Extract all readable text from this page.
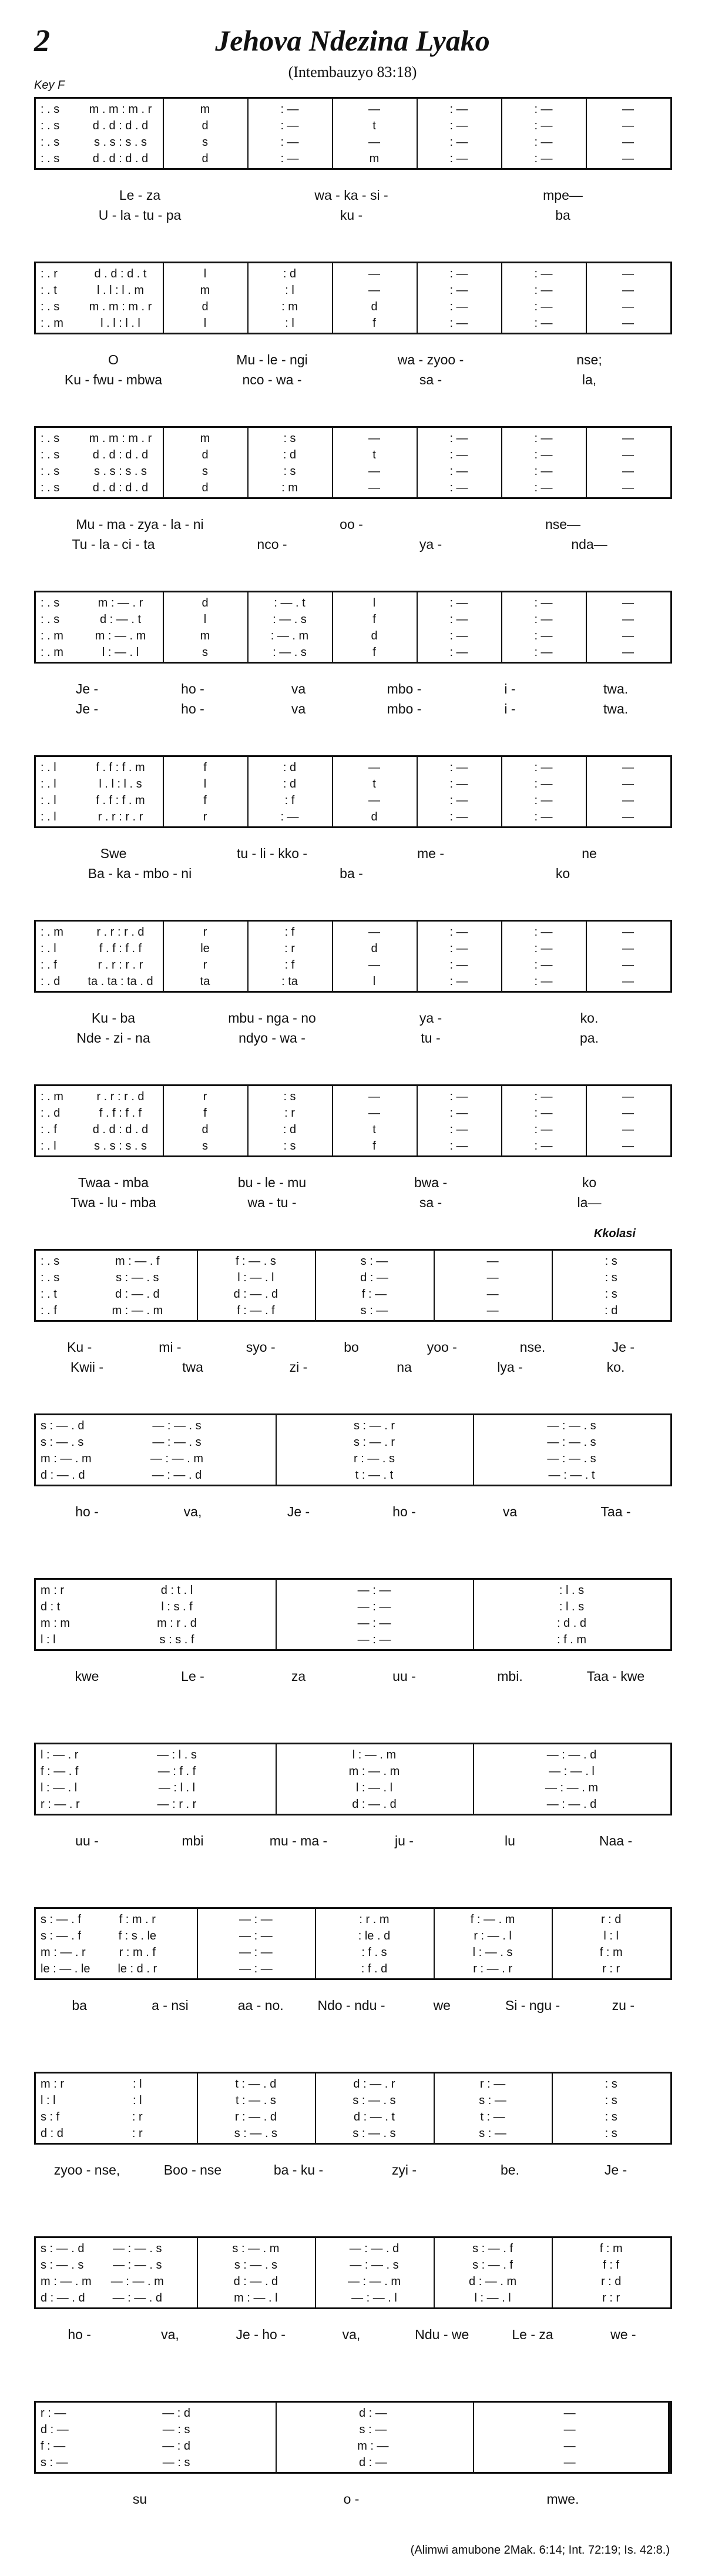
2	Jehova Ndezina Lyako
(Intembauzyo 83:18)
Key F
Kkolasi
(Alimwi amubone 2Mak. 6:14; Int. 72:19; Is. 42:8.)
: . s	m . m : m . r	m	: —	—	: —	: —	—
: . s	d . d : d . d	d	: —	t	: —	: —	—
: . s	s . s : s . s	s	: —	—	: —	: —	—
: . s	d . d : d . d	d	: —	m	: —	: —	—
Le - za	wa - ka - si -	mpe—
U - la - tu - pa	ku -	ba
: . r	d . d : d . t	l	: d	—	: —	: —	—
: . t	l . l : l . m	m	: l	—	: —	: —	—
: . s	m . m : m . r	d	: m	d	: —	: —	—
: . m	l . l : l . l	l	: l	f	: —	: —	—
O	Mu - le - ngi	wa - zyoo -	nse;
Ku - fwu - mbwa	nco - wa -	sa -	la,
: . s	m . m : m . r	m	: s	—	: —	: —	—
: . s	d . d : d . d	d	: d	t	: —	: —	—
: . s	s . s : s . s	s	: s	—	: —	: —	—
: . s	d . d : d . d	d	: m	—	: —	: —	—
Mu - ma - zya - la - ni	oo -	nse—
Tu - la - ci - ta	nco -	ya -	nda—
: . s	m : — . r	d	: — . t	l	: —	: —	—
: . s	d : — . t	l	: — . s	f	: —	: —	—
: . m	m : — . m	m	: — . m	d	: —	: —	—
: . m	l : — . l	s	: — . s	f	: —	: —	—
Je -	ho -	va	mbo -	i -	twa.
Je -	ho -	va	mbo -	i -	twa.
: . l	f . f : f . m	f	: d	—	: —	: —	—
: . l	l . l : l . s	l	: d	t	: —	: —	—
: . l	f . f : f . m	f	: f	—	: —	: —	—
: . l	r . r : r . r	r	: —	d	: —	: —	—
Swe	tu - li - kko -	me -	ne
Ba - ka - mbo - ni	ba -	ko
: . m	r . r : r . d	r	: f	—	: —	: —	—
: . l	f . f : f . f	le	: r	d	: —	: —	—
: . f	r . r : r . r	r	: f	—	: —	: —	—
: . d	ta . ta : ta . d	ta	: ta	l	: —	: —	—
Ku - ba	mbu - nga - no	ya -	ko.
Nde - zi - na	ndyo - wa -	tu -	pa.
: . m	r . r : r . d	r	: s	—	: —	: —	—
: . d	f . f : f . f	f	: r	—	: —	: —	—
: . f	d . d : d . d	d	: d	t	: —	: —	—
: . l	s . s : s . s	s	: s	f	: —	: —	—
Twaa - mba	bu - le - mu	bwa -	ko
Twa - lu - mba	wa - tu -	sa -	la—
: . s	m : — . f	f : — . s	s : —	—	: s
: . s	s : — . s	l : — . l	d : —	—	: s
: . t	d : — . d	d : — . d	f : —	—	: s
: . f	m : — . m	f : — . f	s : —	—	: d
Ku -	mi -	syo -	bo	yoo -	nse.	Je -
Kwii -	twa	zi -	na	lya -	ko.
s : — . d	— : — . s	s : — . r	— : — . s
s : — . s	— : — . s	s : — . r	— : — . s
m : — . m	— : — . m	r : — . s	— : — . s
d : — . d	— : — . d	t : — . t	— : — . t
ho -	va,	Je -	ho -	va	Taa -
m : r	d : t . l	— : —	: l . s
d : t	l : s . f	— : —	: l . s
m : m	m : r . d	— : —	: d . d
l : l	s : s . f	— : —	: f . m
kwe	Le -	za	uu -	mbi.	Taa - kwe
l : — . r	— : l . s	l : — . m	— : — . d
f : — . f	— : f . f	m : — . m	— : — . l
l : — . l	— : l . l	l : — . l	— : — . m
r : — . r	— : r . r	d : — . d	— : — . d
uu -	mbi	mu - ma -	ju -	lu	Naa -
s : — . f	f : m . r	— : —	: r . m	f : — . m	r : d
s : — . f	f : s . le	— : —	: le . d	r : — . l	l : l
m : — . r	r : m . f	— : —	: f . s	l : — . s	f : m
le : — . le	le : d . r	— : —	: f . d	r : — . r	r : r
ba	a - nsi	aa - no.	Ndo - ndu -	we	Si - ngu -	zu -
m : r	: l	t : — . d	d : — . r	r : —	: s
l : l	: l	t : — . s	s : — . s	s : —	: s
s : f	: r	r : — . d	d : — . t	t : —	: s
d : d	: r	s : — . s	s : — . s	s : —	: s
zyoo - nse,	Boo - nse	ba - ku -	zyi -	be.	Je -
s : — . d	— : — . s	s : — . m	— : — . d	s : — . f	f : m
s : — . s	— : — . s	s : — . s	— : — . s	s : — . f	f : f
m : — . m	— : — . m	d : — . d	— : — . m	d : — . m	r : d
d : — . d	— : — . d	m : — . l	— : — . l	l : — . l	r : r
ho -	va,	Je - ho -	va,	Ndu - we	Le - za	we -
r : —	— : d	d : —	—
d : —	— : s	s : —	—
f : —	— : d	m : —	—
s : —	— : s	d : —	—
su	o -	mwe.
